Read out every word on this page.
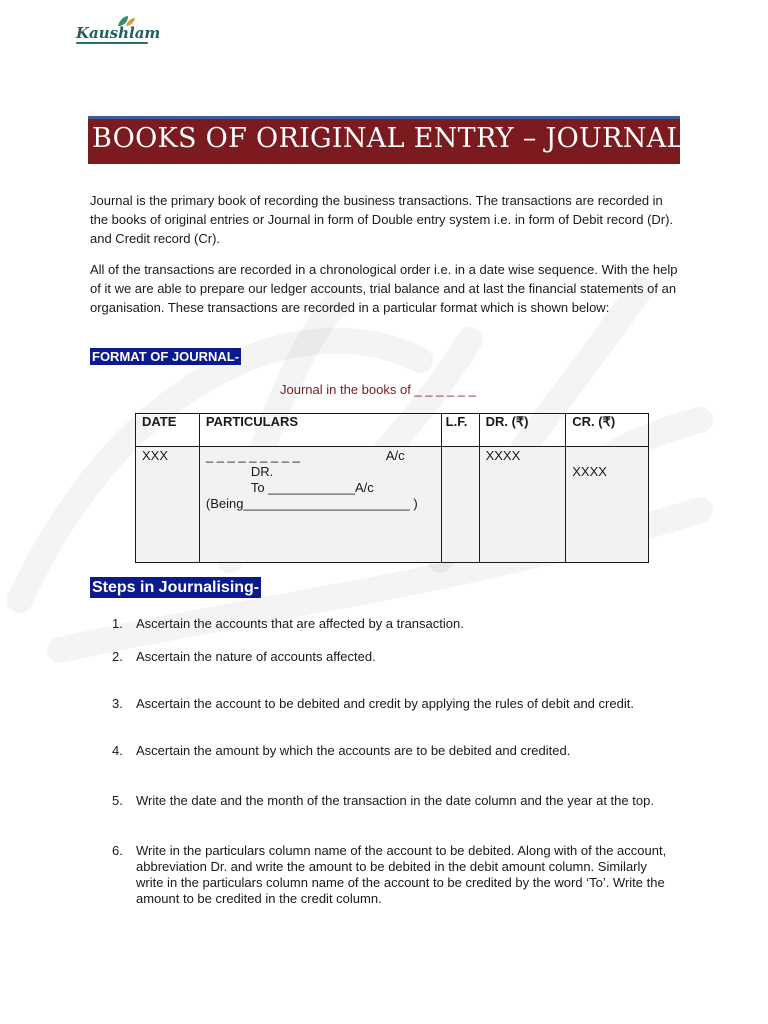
Kaushlam
BOOKS OF ORIGINAL ENTRY – JOURNAL

Journal is the primary book of recording the business transactions. The transactions are recorded in the books of original entries or Journal in form of Double entry system i.e. in form of Debit record (Dr). and Credit record (Cr).

All of the transactions are recorded in a chronological order i.e. in a date wise sequence. With the help of it we are able to prepare our ledger accounts, trial balance and at last the financial statements of an organisation. These transactions are recorded in a particular format which is shown below:

FORMAT OF JOURNAL-
Journal in the books of _ _ _ _ _ _
DATE	PARTICULARS	L.F.	DR. (₹)	CR. (₹)
XXX	_ _ _ _ _ _ _ _ _ A/c
DR.
To ____________A/c
(Being_______________________ )		XXXX	XXXX
Steps in Journalising-
1.	Ascertain the accounts that are affected by a transaction.
2.	Ascertain the nature of accounts affected.
3.	Ascertain the account to be debited and credit by applying the rules of debit and credit.
4.	Ascertain the amount by which the accounts are to be debited and credited.
5.	Write the date and the month of the transaction in the date column and the year at the top.
6.	Write in the particulars column name of the account to be debited. Along with of the account, abbreviation Dr. and write the amount to be debited in the debit amount column. Similarly write in the particulars column name of the account to be credited by the word ‘To’. Write the amount to be credited in the credit column.
